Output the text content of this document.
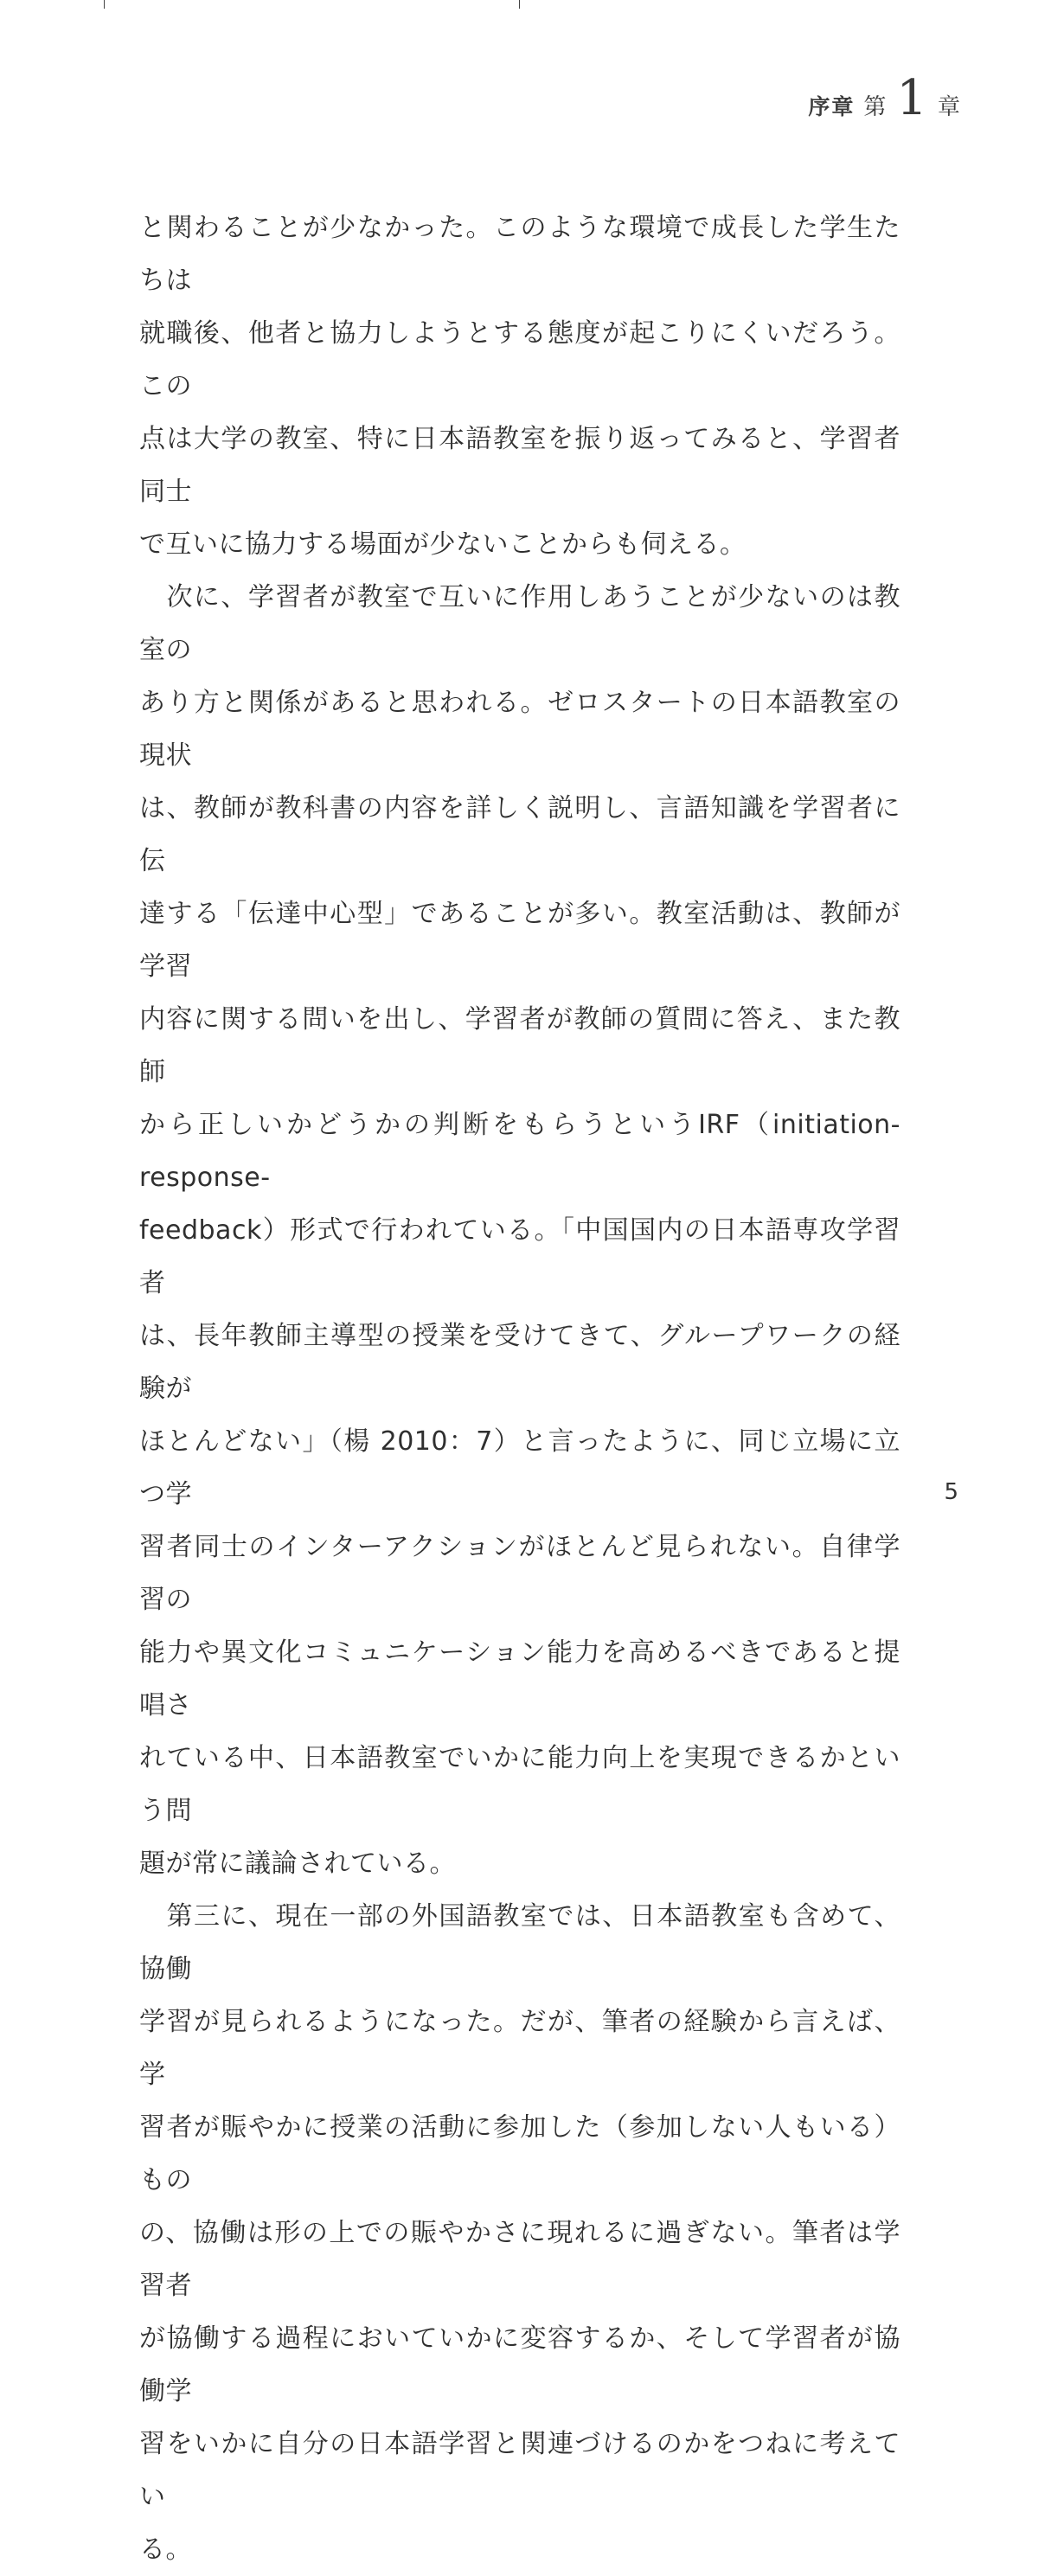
序章 第 1 章

と関わることが少なかった。このような環境で成長した学生たちは
就職後、他者と協力しようとする態度が起こりにくいだろう。この
点は大学の教室、特に日本語教室を振り返ってみると、学習者同士
で互いに協力する場面が少ないことからも伺える。

　次に、学習者が教室で互いに作用しあうことが少ないのは教室の
あり方と関係があると思われる。ゼロスタートの日本語教室の現状
は、教師が教科書の内容を詳しく説明し、言語知識を学習者に伝
達する「伝達中心型」であることが多い。教室活動は、教師が学習
内容に関する問いを出し、学習者が教師の質問に答え、また教師
から正しいかどうかの判断をもらうというIRF（initiation-response-
feedback）形式で行われている。「中国国内の日本語専攻学習者
は、長年教師主導型の授業を受けてきて、グループワークの経験が
ほとんどない」（楊 2010：7）と言ったように、同じ立場に立つ学
習者同士のインターアクションがほとんど見られない。自律学習の
能力や異文化コミュニケーション能力を高めるべきであると提唱さ
れている中、日本語教室でいかに能力向上を実現できるかという問
題が常に議論されている。

　第三に、現在一部の外国語教室では、日本語教室も含めて、協働
学習が見られるようになった。だが、筆者の経験から言えば、学
習者が賑やかに授業の活動に参加した（参加しない人もいる）もの
の、協働は形の上での賑やかさに現れるに過ぎない。筆者は学習者
が協働する過程においていかに変容するか、そして学習者が協働学
習をいかに自分の日本語学習と関連づけるのかをつねに考えてい
る。

5
